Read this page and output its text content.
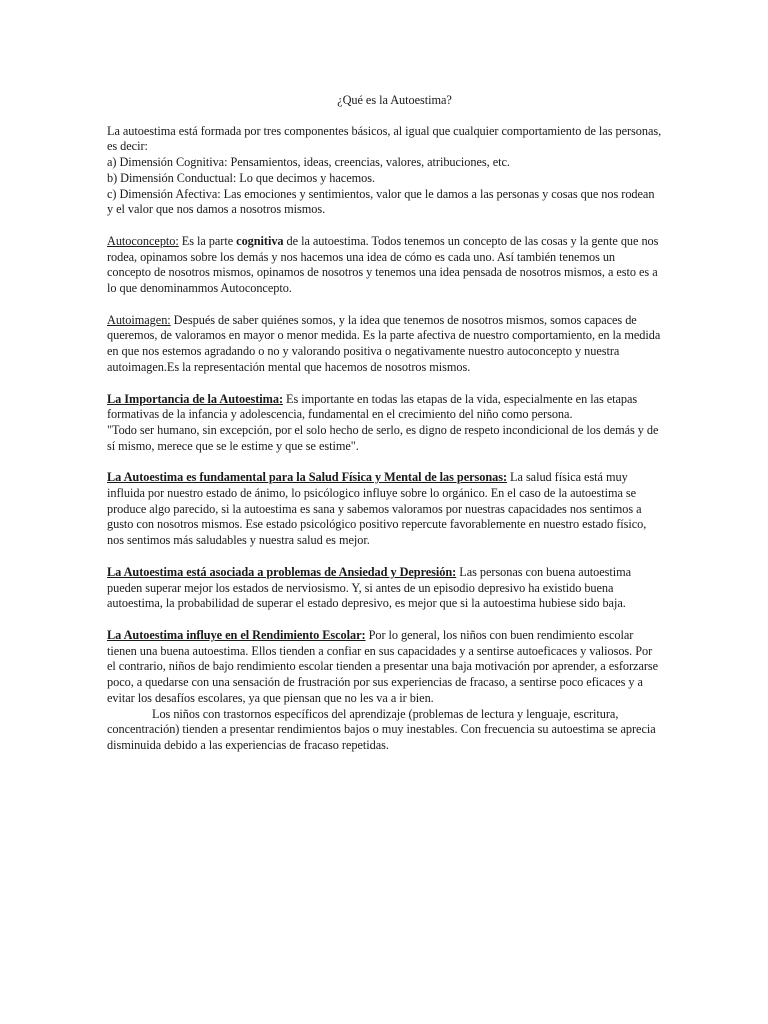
¿Qué es la Autoestima?

La autoestima está formada por tres componentes básicos, al igual que cualquier comportamiento de las personas, es decir:

a) Dimensión Cognitiva: Pensamientos, ideas, creencias, valores, atribuciones, etc.

b) Dimensión Conductual: Lo que decimos y hacemos.

c) Dimensión Afectiva: Las emociones y sentimientos, valor que le damos a las personas y cosas que nos rodean y el valor que nos damos a nosotros mismos.

Autoconcepto: Es la parte cognitiva de la autoestima. Todos tenemos un concepto de las cosas y la gente que nos rodea, opinamos sobre los demás y nos hacemos una idea de cómo es cada uno. Así también tenemos un concepto de nosotros mismos, opinamos de nosotros y tenemos una idea pensada de nosotros mismos, a esto es a lo que denominammos Autoconcepto.

Autoimagen: Después de saber quiénes somos, y la idea que tenemos de nosotros mismos, somos capaces de queremos, de valoramos en mayor o menor medida. Es la parte afectiva de nuestro comportamiento, en la medida en que nos estemos agradando o no y valorando positiva o negativamente nuestro autoconcepto y nuestra autoimagen.Es la representación mental que hacemos de nosotros mismos.

La Importancia de la Autoestima: Es importante en todas las etapas de la vida, especialmente en las etapas formativas de la infancia y adolescencia, fundamental en el crecimiento del niño como persona.

"Todo ser humano, sin excepción, por el solo hecho de serlo, es digno de respeto incondicional de los demás y de sí mismo, merece que se le estime y que se estime".

La Autoestima es fundamental para la Salud Física y Mental de las personas: La salud física está muy influida por nuestro estado de ánimo, lo psicólogico influye sobre lo orgánico. En el caso de la autoestima se produce algo parecido, si la autoestima es sana y sabemos valoramos por nuestras capacidades nos sentimos a gusto con nosotros mismos. Ese estado psicológico positivo repercute favorablemente en nuestro estado físico, nos sentimos más saludables y nuestra salud es mejor.

La Autoestima está asociada a problemas de Ansiedad y Depresión: Las personas con buena autoestima pueden superar mejor los estados de nerviosismo. Y, si antes de un episodio depresivo ha existido buena autoestima, la probabilidad de superar el estado depresivo, es mejor que si la autoestima hubiese sido baja.

La Autoestima influye en el Rendimiento Escolar: Por lo general, los niños con buen rendimiento escolar tienen una buena autoestima. Ellos tienden a confiar en sus capacidades y a sentirse autoeficaces y valiosos. Por el contrario, niños de bajo rendimiento escolar tienden a presentar una baja motivación por aprender, a esforzarse poco, a quedarse con una sensación de frustración por sus experiencias de fracaso, a sentirse poco eficaces y a evitar los desafíos escolares, ya que piensan que no les va a ir bien.

Los niños con trastornos específicos del aprendizaje (problemas de lectura y lenguaje, escritura, concentración) tienden a presentar rendimientos bajos o muy inestables. Con frecuencia su autoestima se aprecia disminuida debido a las experiencias de fracaso repetidas.
